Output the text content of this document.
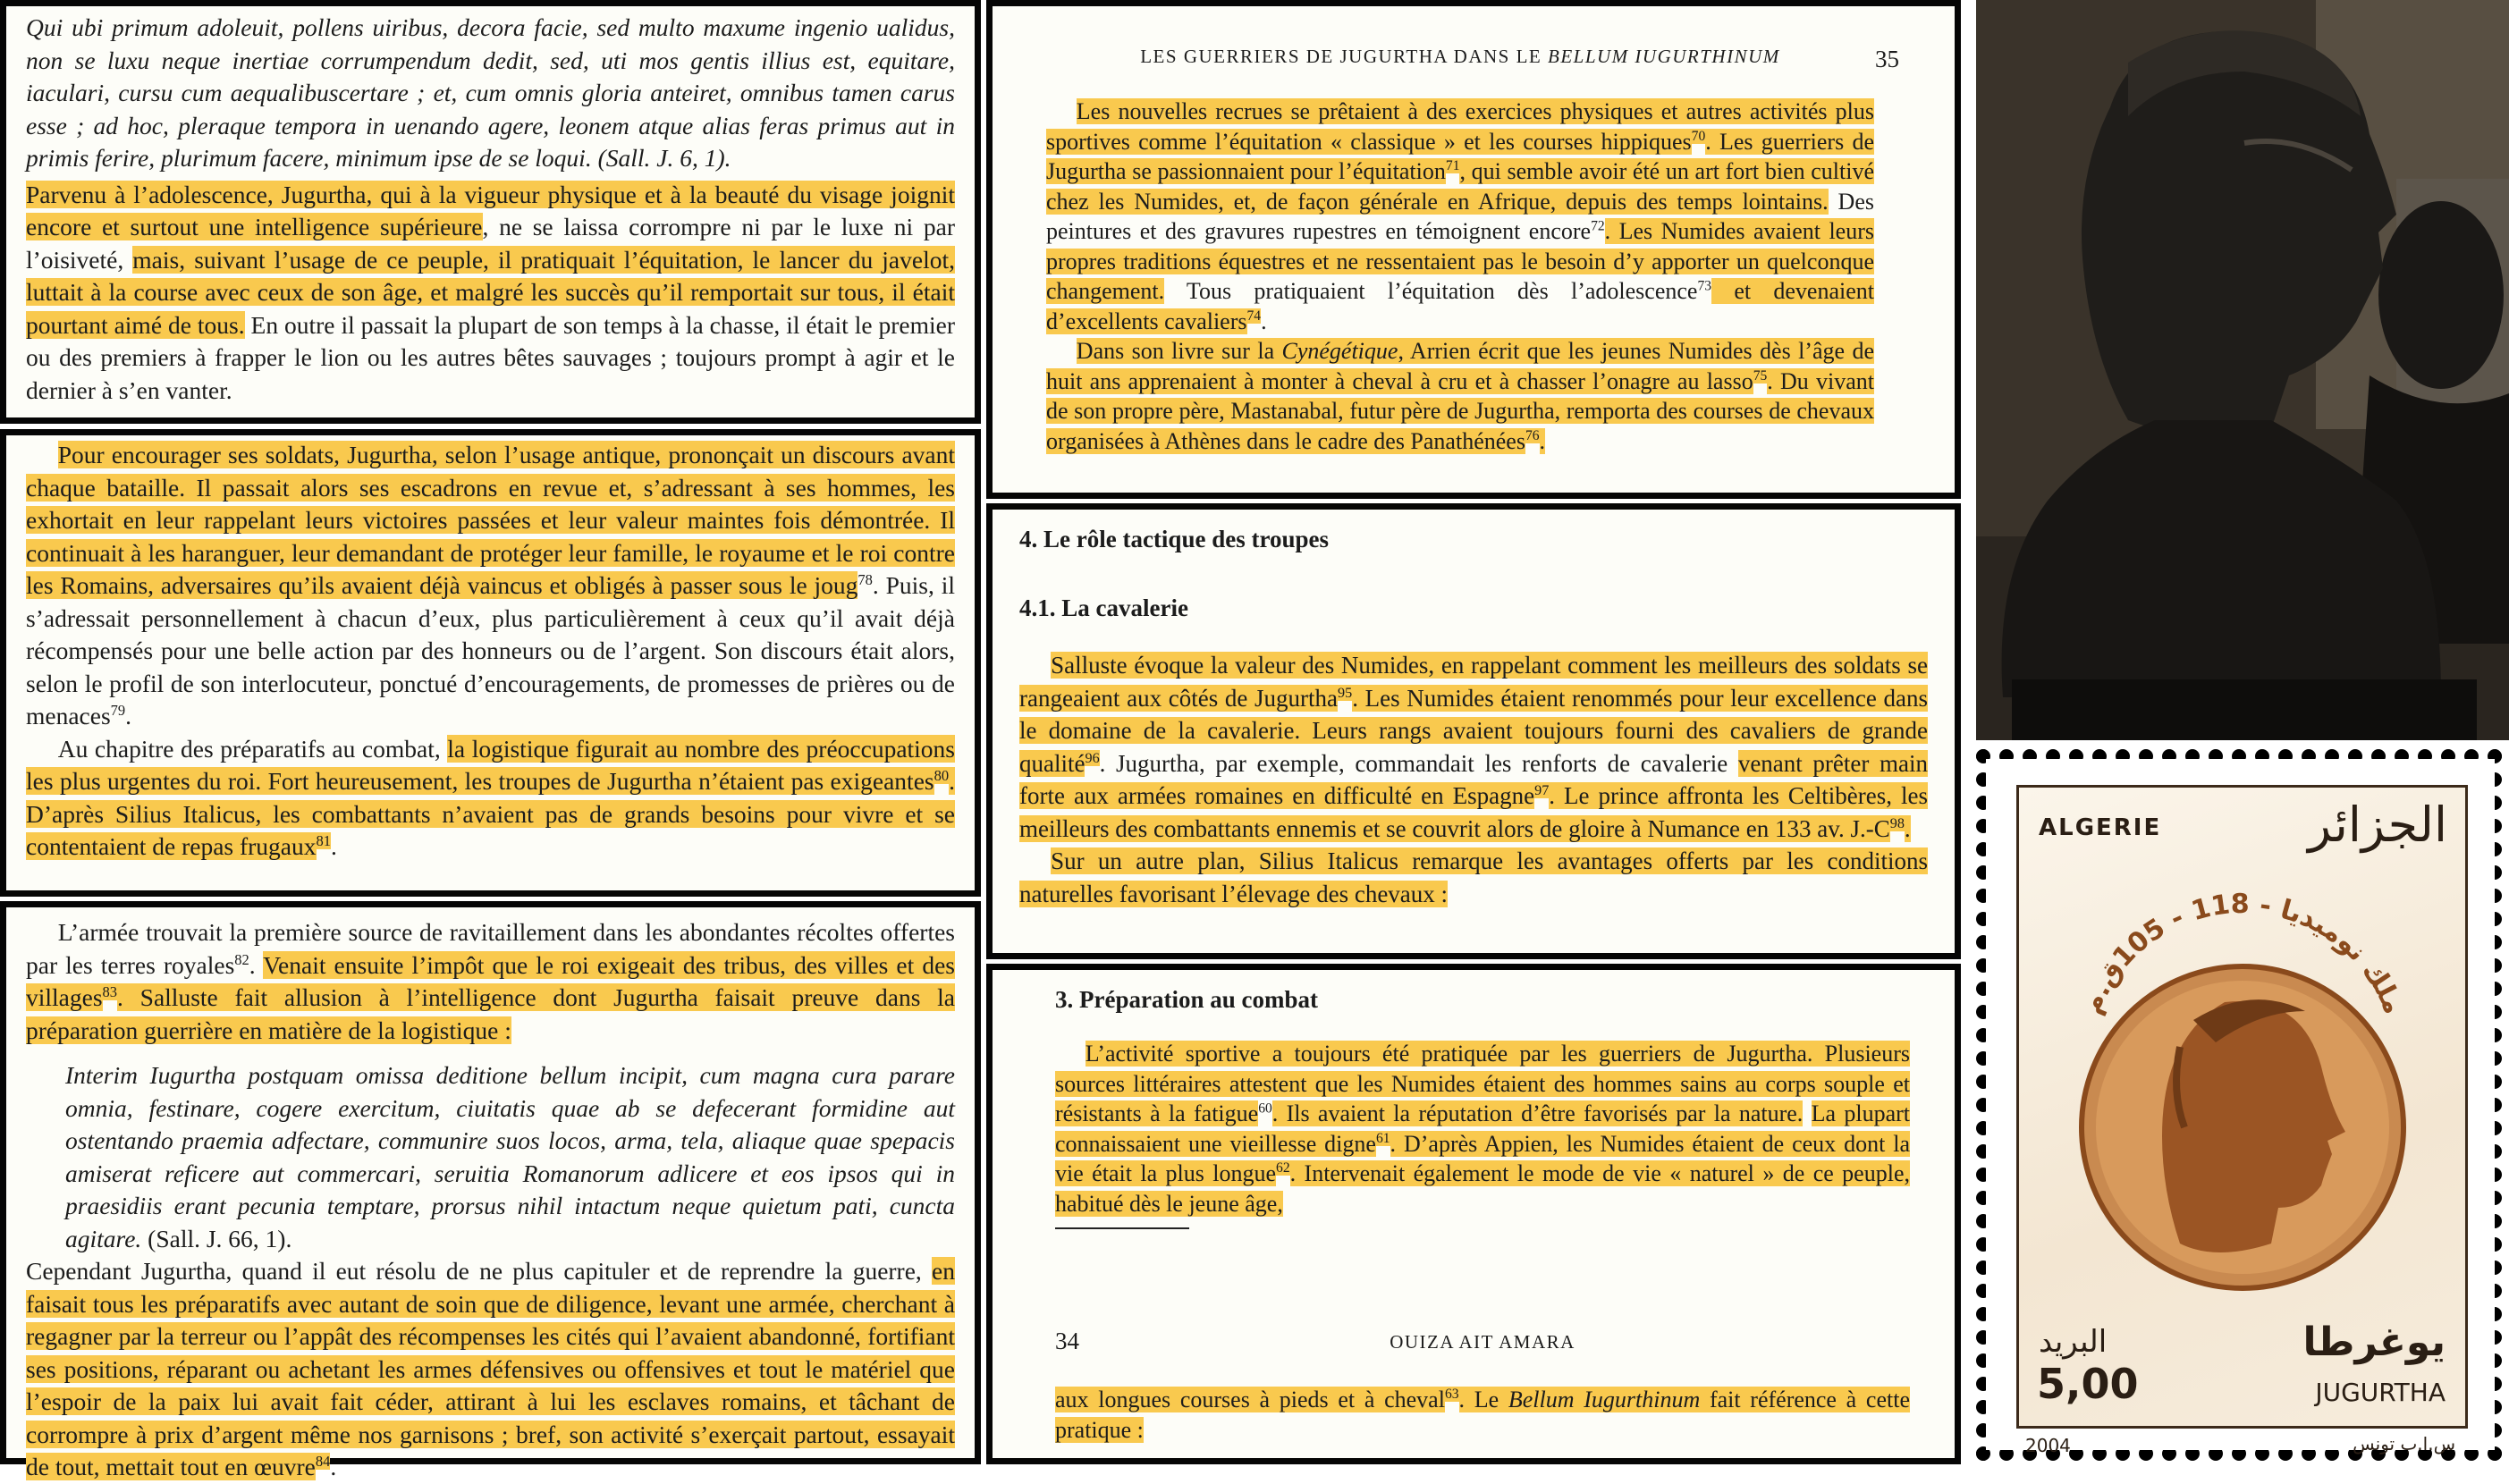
Qui ubi primum adoleuit, pollens uiribus, decora facie, sed multo maxume ingenio ualidus, non se luxu neque inertiae corrumpendum dedit, sed, uti mos gentis illius est, equitare, iaculari, cursu cum aequalibuscertare ; et, cum omnis gloria anteiret, omnibus tamen carus esse ; ad hoc, pleraque tempora in uenando agere, leonem atque alias feras primus aut in primis ferire, plurimum facere, minimum ipse de se loqui. (Sall. J. 6, 1).

Parvenu à l’adolescence, Jugurtha, qui à la vigueur physique et à la beauté du visage joignit encore et surtout une intelligence supérieure, ne se laissa corrompre ni par le luxe ni par l’oisiveté, mais, suivant l’usage de ce peuple, il pratiquait l’équitation, le lancer du javelot, luttait à la course avec ceux de son âge, et malgré les succès qu’il remportait sur tous, il était pourtant aimé de tous. En outre il passait la plupart de son temps à la chasse, il était le premier ou des premiers à frapper le lion ou les autres bêtes sauvages ; toujours prompt à agir et le dernier à s’en vanter.

Pour encourager ses soldats, Jugurtha, selon l’usage antique, prononçait un discours avant chaque bataille. Il passait alors ses escadrons en revue et, s’adressant à ses hommes, les exhortait en leur rappelant leurs victoires passées et leur valeur maintes fois démontrée. Il continuait à les haranguer, leur demandant de protéger leur famille, le royaume et le roi contre les Romains, adversaires qu’ils avaient déjà vaincus et obligés à passer sous le joug$^{78}$. Puis, il s’adressait personnellement à chacun d’eux, plus particulièrement à ceux qu’il avait déjà récompensés pour une belle action par des honneurs ou de l’argent. Son discours était alors, selon le profil de son interlocuteur, ponctué d’encouragements, de promesses de prières ou de menaces$^{79}$.

Au chapitre des préparatifs au combat, la logistique figurait au nombre des préoccupations les plus urgentes du roi. Fort heureusement, les troupes de Jugurtha n’étaient pas exigeantes$^{80}$. D’après Silius Italicus, les combattants n’avaient pas de grands besoins pour vivre et se contentaient de repas frugaux$^{81}$.

L’armée trouvait la première source de ravitaillement dans les abondantes récoltes offertes par les terres royales$^{82}$. Venait ensuite l’impôt que le roi exigeait des tribus, des villes et des villages$^{83}$. Salluste fait allusion à l’intelligence dont Jugurtha faisait preuve dans la préparation guerrière en matière de la logistique :

Interim Iugurtha postquam omissa deditione bellum incipit, cum magna cura parare omnia, festinare, cogere exercitum, ciuitatis quae ab se defecerant formidine aut ostentando praemia adfectare, communire suos locos, arma, tela, aliaque quae spepacis amiserat reficere aut commercari, seruitia Romanorum adlicere et eos ipsos qui in praesidiis erant pecunia temptare, prorsus nihil intactum neque quietum pati, cuncta agitare. (Sall. J. 66, 1).

Cependant Jugurtha, quand il eut résolu de ne plus capituler et de reprendre la guerre, en faisait tous les préparatifs avec autant de soin que de diligence, levant une armée, cherchant à regagner par la terreur ou l’appât des récompenses les cités qui l’avaient abandonné, fortifiant ses positions, réparant ou achetant les armes défensives ou offensives et tout le matériel que l’espoir de la paix lui avait fait céder, attirant à lui les esclaves romains, et tâchant de corrompre à prix d’argent même nos garnisons ; bref, son activité s’exerçait partout, essayait de tout, mettait tout en œuvre$^{84}$.

LES GUERRIERS DE JUGURTHA DANS LE BELLUM IUGURTHINUM	35

Les nouvelles recrues se prêtaient à des exercices physiques et autres activités plus sportives comme l’équitation « classique » et les courses hippiques$^{70}$. Les guerriers de Jugurtha se passionnaient pour l’équitation$^{71}$, qui semble avoir été un art fort bien cultivé chez les Numides, et, de façon générale en Afrique, depuis des temps lointains. Des peintures et des gravures rupestres en témoignent encore$^{72}$. Les Numides avaient leurs propres traditions équestres et ne ressentaient pas le besoin d’y apporter un quelconque changement. Tous pratiquaient l’équitation dès l’adolescence$^{73}$ et devenaient d’excellents cavaliers$^{74}$.

Dans son livre sur la Cynégétique, Arrien écrit que les jeunes Numides dès l’âge de huit ans apprenaient à monter à cheval à cru et à chasser l’onagre au lasso$^{75}$. Du vivant de son propre père, Mastanabal, futur père de Jugurtha, remporta des courses de chevaux organisées à Athènes dans le cadre des Panathénées$^{76}$.

4. Le rôle tactique des troupes

4.1. La cavalerie

Salluste évoque la valeur des Numides, en rappelant comment les meilleurs des soldats se rangeaient aux côtés de Jugurtha$^{95}$. Les Numides étaient renommés pour leur excellence dans le domaine de la cavalerie. Leurs rangs avaient toujours fourni des cavaliers de grande qualité$^{96}$. Jugurtha, par exemple, commandait les renforts de cavalerie venant prêter main forte aux armées romaines en difficulté en Espagne$^{97}$. Le prince affronta les Celtibères, les meilleurs des combattants ennemis et se couvrit alors de gloire à Numance en 133 av. $J.-C^{98}$.

Sur un autre plan, Silius Italicus remarque les avantages offerts par les conditions naturelles favorisant l’élevage des chevaux :

3. Préparation au combat

L’activité sportive a toujours été pratiquée par les guerriers de Jugurtha. Plusieurs sources littéraires attestent que les Numides étaient des hommes sains au corps souple et résistants à la fatigue$^{60}$. Ils avaient la réputation d’être favorisés par la nature. La plupart connaissaient une vieillesse digne$^{61}$. D’après Appien, les Numides étaient de ceux dont la vie était la plus longue$^{62}$. Intervenait également le mode de vie « naturel » de ce peuple, habitué dès le jeune âge,

34	OUIZA AIT AMARA

aux longues courses à pieds et à cheval$^{63}$. Le Bellum Iugurthinum fait référence à cette pratique :

ALGERIE	الجزائر
ملك نوميديا - 118 - 105ق.م
البريد
5,00
يوغرطا
JUGURTHA
2004	س.ا.ب تونس
